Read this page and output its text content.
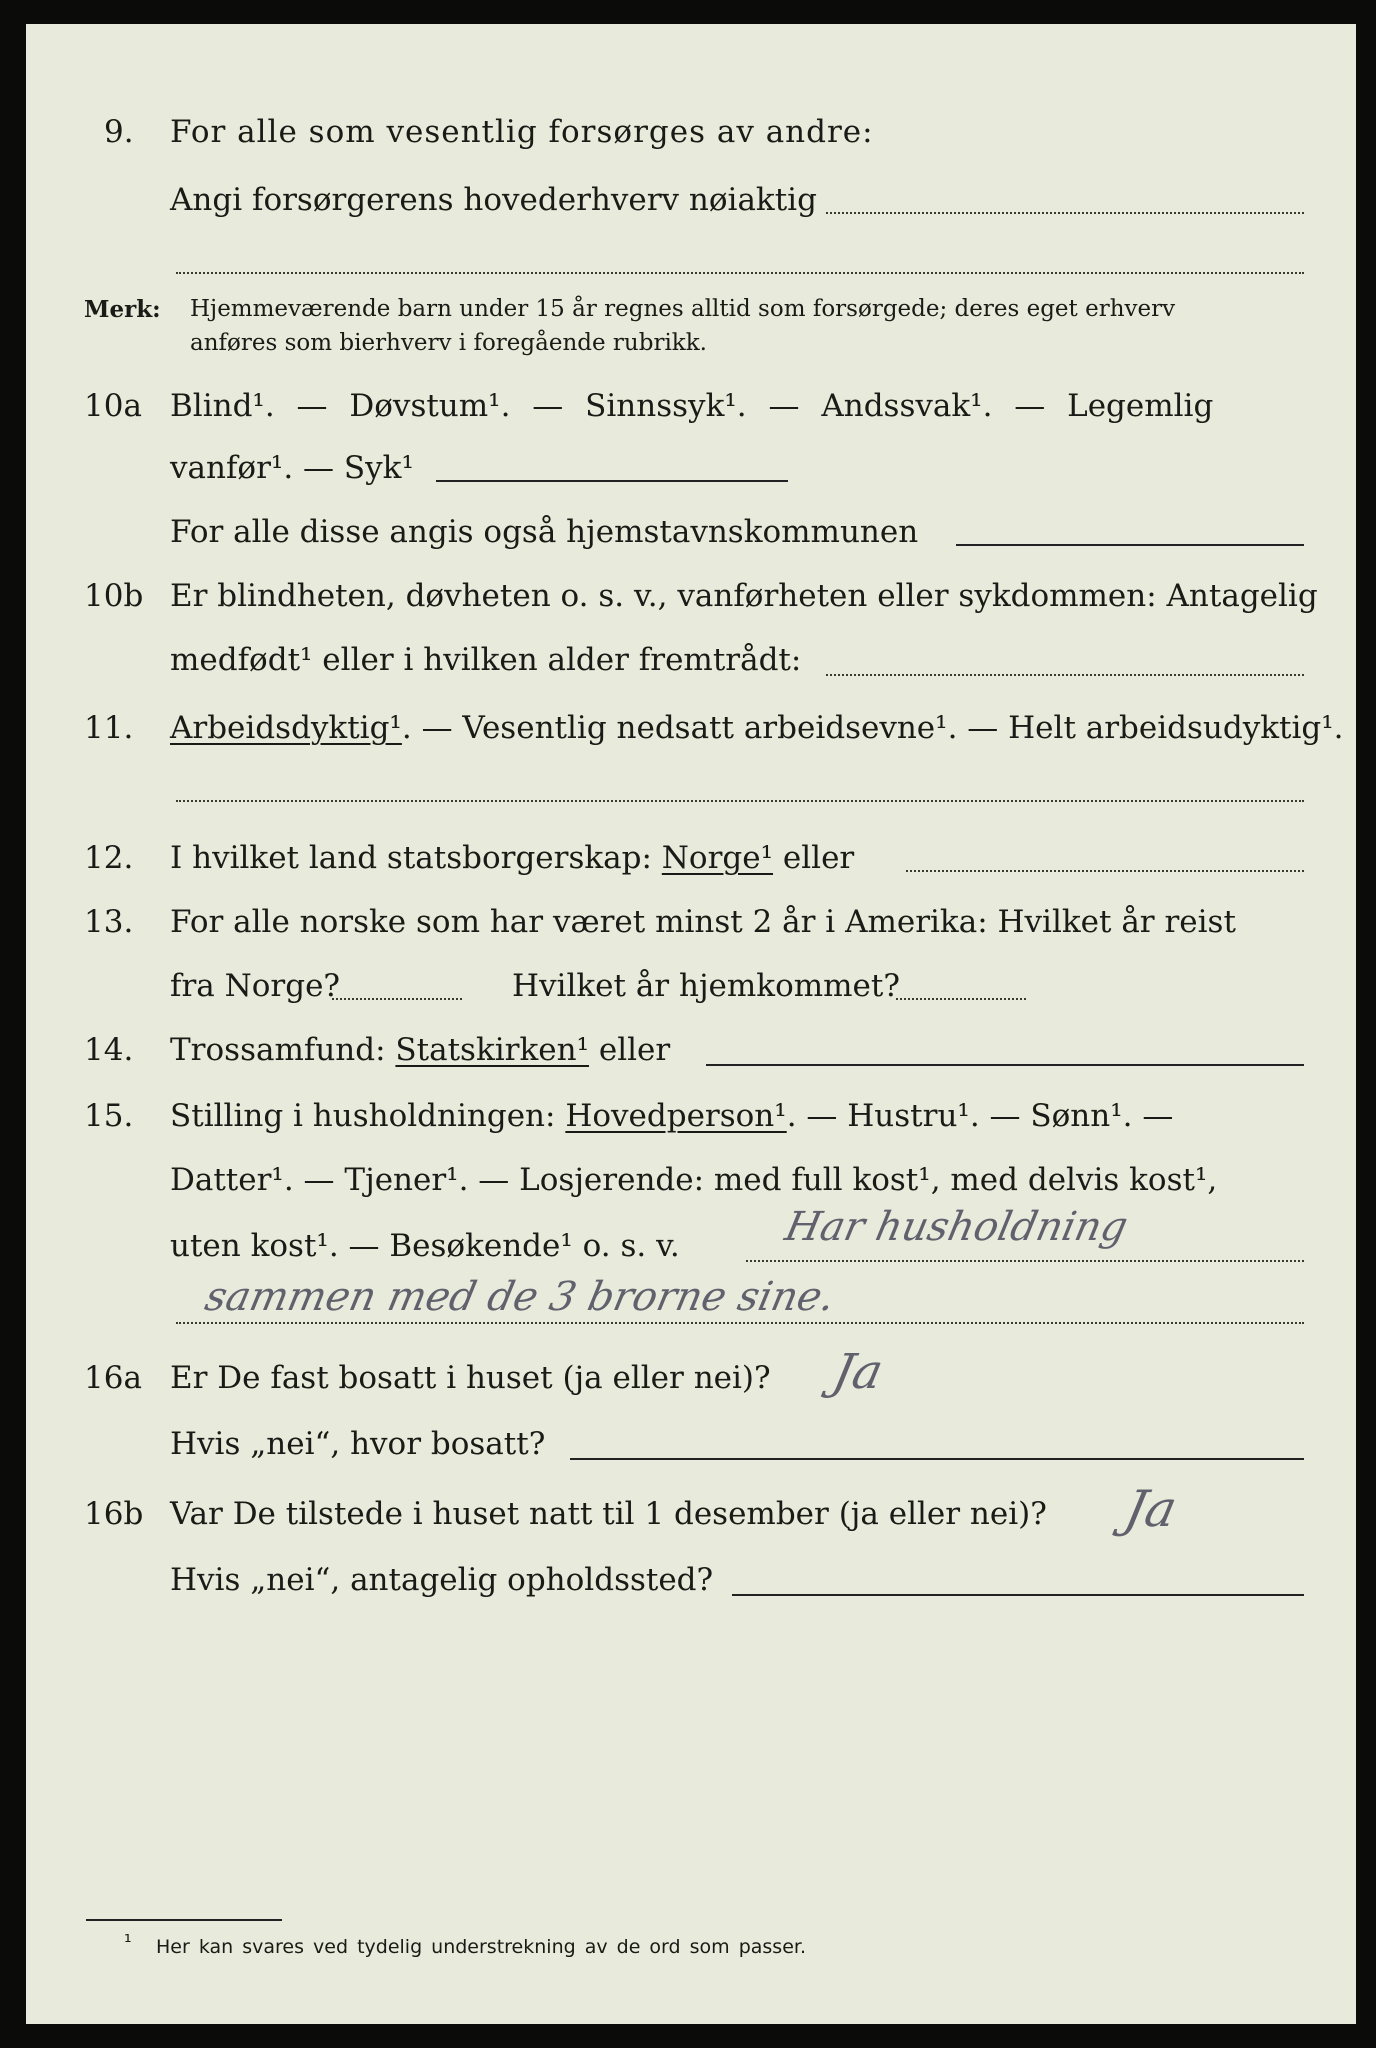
9. For alle som vesentlig forsørges av andre:
Angi forsørgerens hovederhverv nøiaktig
Merk: Hjemmeværende barn under 15 år regnes alltid som forsørgede; deres eget erhverv
anføres som bierhverv i foregående rubrikk.
10a Blind¹. — Døvstum¹. — Sinnssyk¹. — Andssvak¹. — Legemlig
vanfør¹. — Syk¹
For alle disse angis også hjemstavnskommunen
10b Er blindheten, døvheten o. s. v., vanførheten eller sykdommen: Antagelig
medfødt¹ eller i hvilken alder fremtrådt:
11. Arbeidsdyktig¹. — Vesentlig nedsatt arbeidsevne¹. — Helt arbeidsudyktig¹.
12. I hvilket land statsborgerskap: Norge¹ eller
13. For alle norske som har været minst 2 år i Amerika: Hvilket år reist
fra Norge?	Hvilket år hjemkommet?
14. Trossamfund: Statskirken¹ eller
15. Stilling i husholdningen: Hovedperson¹. — Hustru¹. — Sønn¹. —
Datter¹. — Tjener¹. — Losjerende: med full kost¹, med delvis kost¹,
uten kost¹. — Besøkende¹ o. s. v.	Har husholdning
sammen med de 3 brorne sine.
16a Er De fast bosatt i huset (ja eller nei)? Ja
Hvis „nei“, hvor bosatt?
16b Var De tilstede i huset natt til 1 desember (ja eller nei)? Ja
Hvis „nei“, antagelig opholdssted?
¹ Her kan svares ved tydelig understrekning av de ord som passer.
